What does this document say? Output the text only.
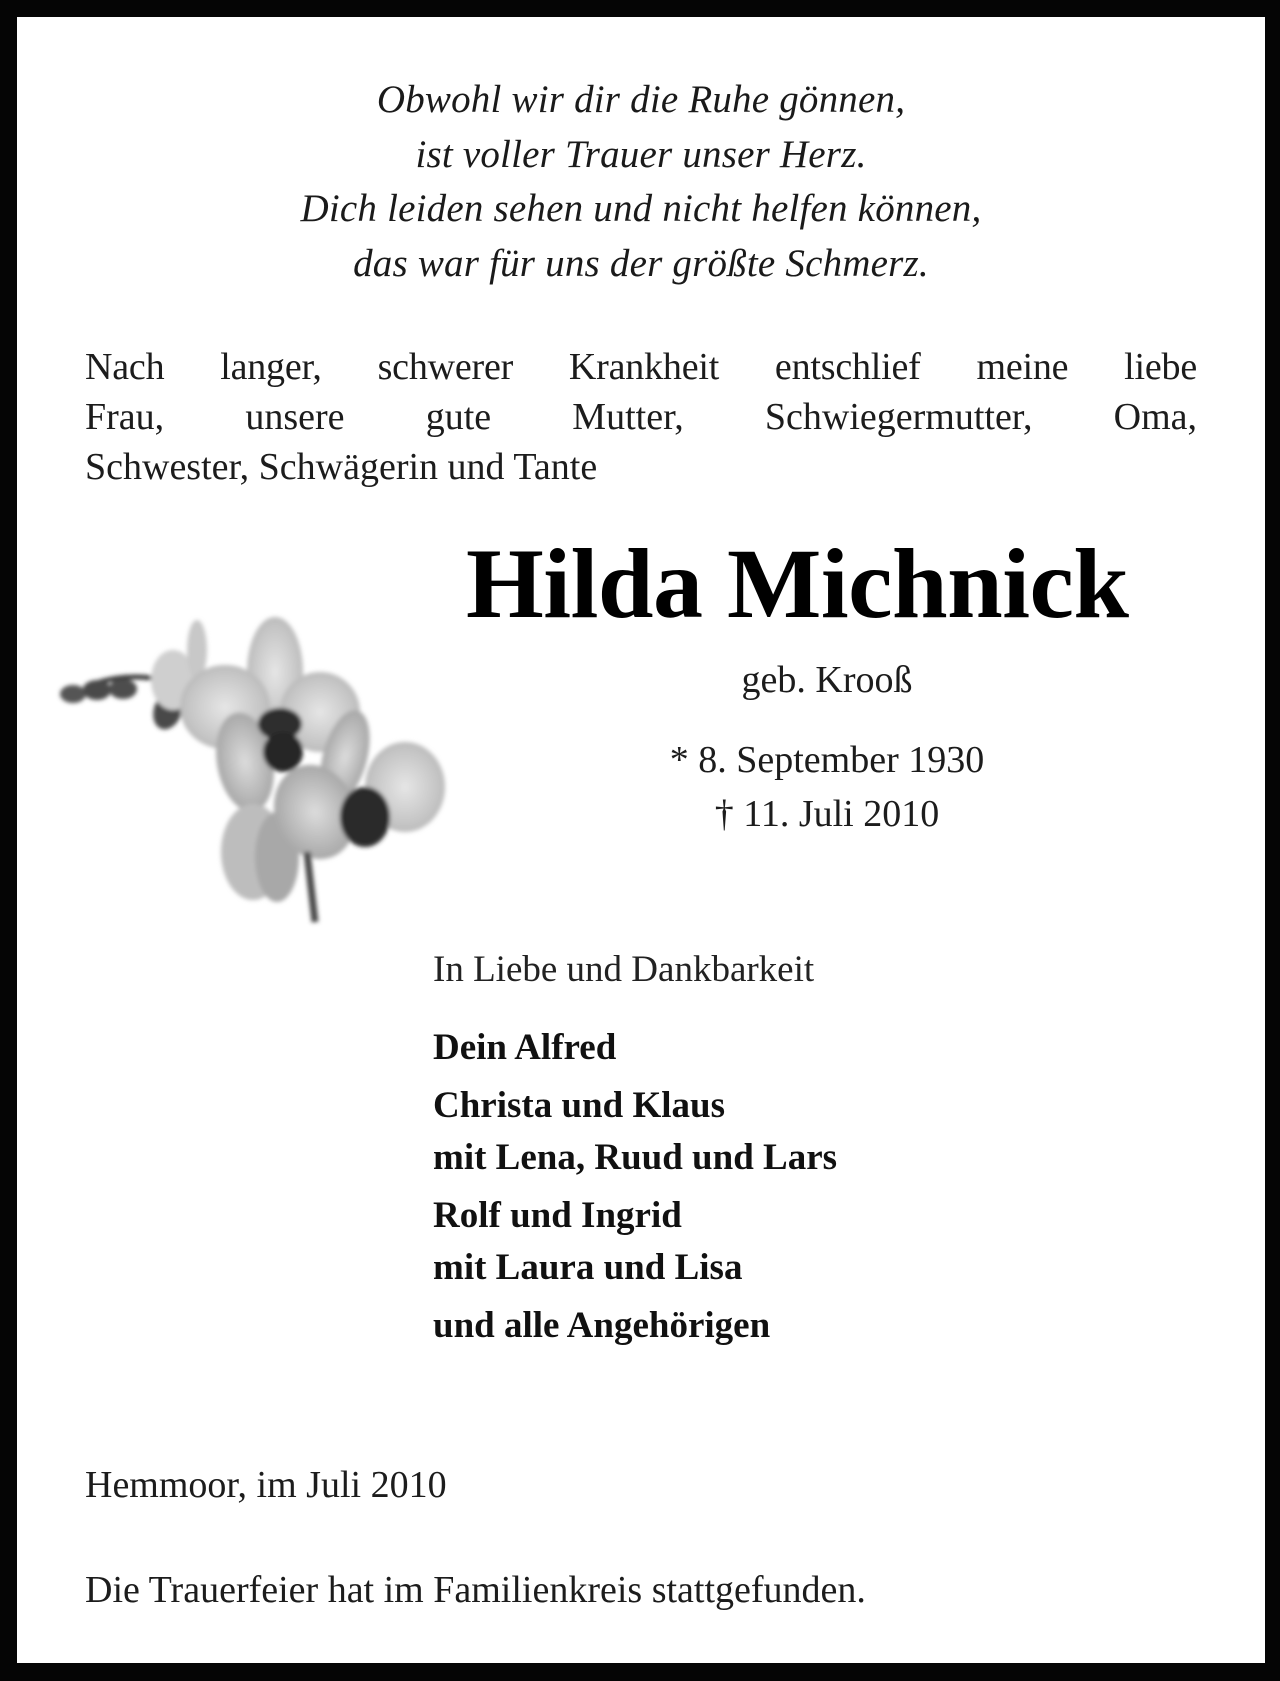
Obwohl wir dir die Ruhe gönnen,
ist voller Trauer unser Herz.
Dich leiden sehen und nicht helfen können,
das war für uns der größte Schmerz.
Nach langer, schwerer Krankheit entschlief meine liebe
Frau, unsere gute Mutter, Schwiegermutter, Oma,
Schwester, Schwägerin und Tante
Hilda Michnick
geb. Krooß
* 8. September 1930
† 11. Juli 2010
In Liebe und Dankbarkeit
Dein Alfred
Christa und Klaus
mit Lena, Ruud und Lars
Rolf und Ingrid
mit Laura und Lisa
und alle Angehörigen
Hemmoor, im Juli 2010
Die Trauerfeier hat im Familienkreis stattgefunden.
